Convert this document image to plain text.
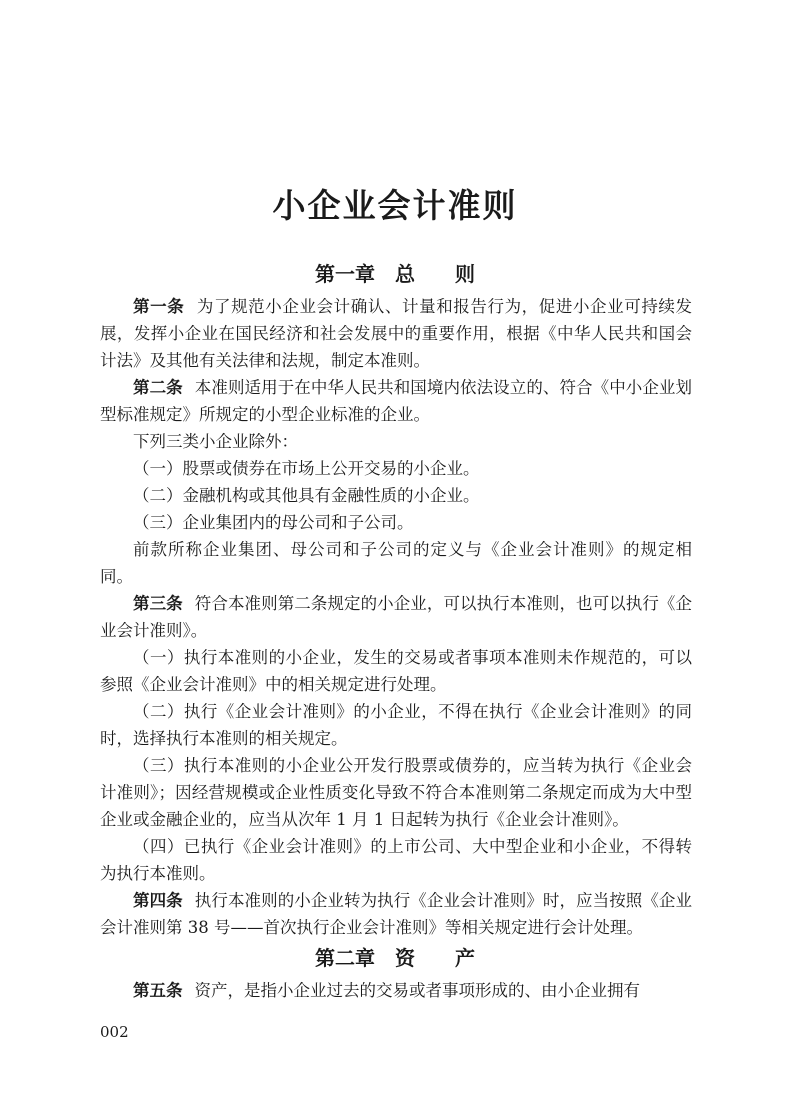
小企业会计准则
第一章　总　　则

第一条 为了规范小企业会计确认、计量和报告行为，促进小企业可持续发展，发挥小企业在国民经济和社会发展中的重要作用，根据《中华人民共和国会计法》及其他有关法律和法规，制定本准则。

第二条 本准则适用于在中华人民共和国境内依法设立的、符合《中小企业划型标准规定》所规定的小型企业标准的企业。

下列三类小企业除外：

（一）股票或债券在市场上公开交易的小企业。

（二）金融机构或其他具有金融性质的小企业。

（三）企业集团内的母公司和子公司。

前款所称企业集团、母公司和子公司的定义与《企业会计准则》的规定相同。

第三条 符合本准则第二条规定的小企业，可以执行本准则，也可以执行《企业会计准则》。

（一）执行本准则的小企业，发生的交易或者事项本准则未作规范的，可以参照《企业会计准则》中的相关规定进行处理。

（二）执行《企业会计准则》的小企业，不得在执行《企业会计准则》的同时，选择执行本准则的相关规定。

（三）执行本准则的小企业公开发行股票或债券的，应当转为执行《企业会计准则》；因经营规模或企业性质变化导致不符合本准则第二条规定而成为大中型企业或金融企业的，应当从次年 1 月 1 日起转为执行《企业会计准则》。

（四）已执行《企业会计准则》的上市公司、大中型企业和小企业，不得转为执行本准则。

第四条 执行本准则的小企业转为执行《企业会计准则》时，应当按照《企业会计准则第 38 号——首次执行企业会计准则》等相关规定进行会计处理。

第二章　资　　产

第五条 资产，是指小企业过去的交易或者事项形成的、由小企业拥有

002
